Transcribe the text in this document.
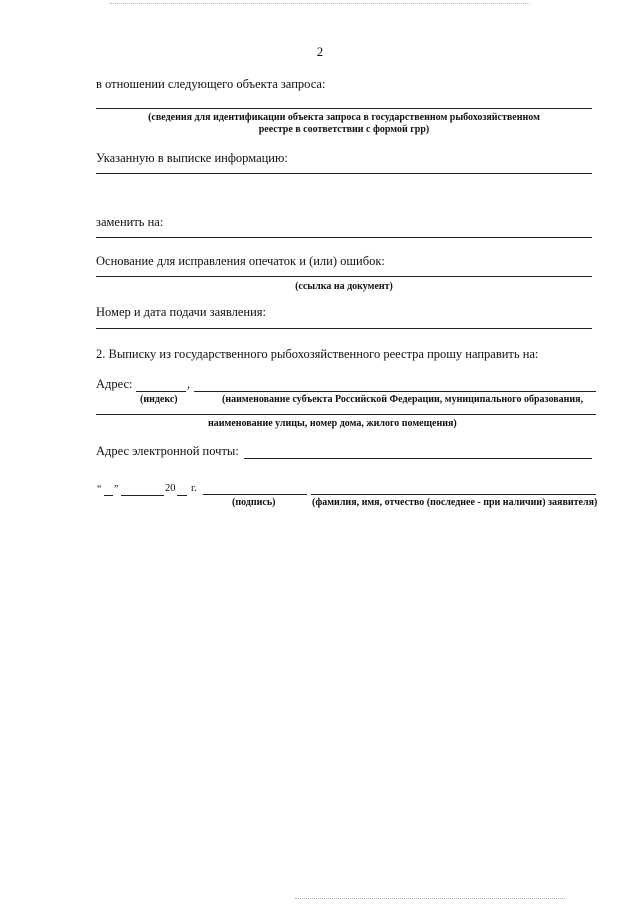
2
в отношении следующего объекта запроса:
(сведения для идентификации объекта запроса в государственном рыбохозяйственном
реестре в соответствии с формой грр)
Указанную в выписке информацию:
заменить на:
Основание для исправления опечаток и (или) ошибок:
(ссылка на документ)
Номер и дата подачи заявления:
2. Выписку из государственного рыбохозяйственного реестра прошу направить на:
Адрес:	,
(индекс)	(наименование субъекта Российской Федерации, муниципального образования,
наименование улицы, номер дома, жилого помещения)
Адрес электронной почты:
“ ”	20 г.
(подпись)	(фамилия, имя, отчество (последнее - при наличии) заявителя)
